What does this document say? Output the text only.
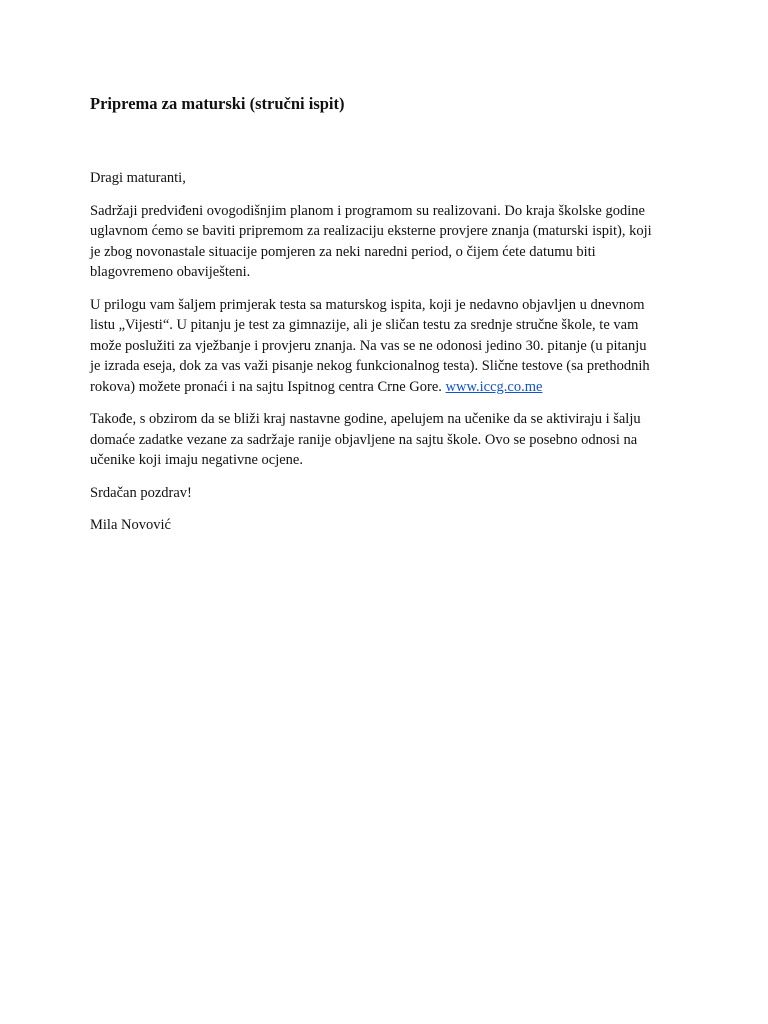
Priprema za maturski (stručni ispit)
Dragi maturanti,
Sadržaji predviđeni ovogodišnjim planom i programom su realizovani. Do kraja školske godine
uglavnom ćemo se baviti pripremom za realizaciju eksterne provjere znanja (maturski ispit), koji
je zbog novonastale situacije pomjeren za neki naredni period, o čijem ćete datumu biti
blagovremeno obaviješteni.
U prilogu vam šaljem primjerak testa sa maturskog ispita, koji je nedavno objavljen u dnevnom
listu „Vijesti“. U pitanju je test za gimnazije, ali je sličan testu za srednje stručne škole, te vam
može poslužiti za vježbanje i provjeru znanja. Na vas se ne odonosi jedino 30. pitanje (u pitanju
je izrada eseja, dok za vas važi pisanje nekog funkcionalnog testa). Slične testove (sa prethodnih
rokova) možete pronaći i na sajtu Ispitnog centra Crne Gore. www.iccg.co.me
Takođe, s obzirom da se bliži kraj nastavne godine, apelujem na učenike da se aktiviraju i šalju
domaće zadatke vezane za sadržaje ranije objavljene na sajtu škole. Ovo se posebno odnosi na
učenike koji imaju negativne ocjene.
Srdačan pozdrav!
Mila Novović
